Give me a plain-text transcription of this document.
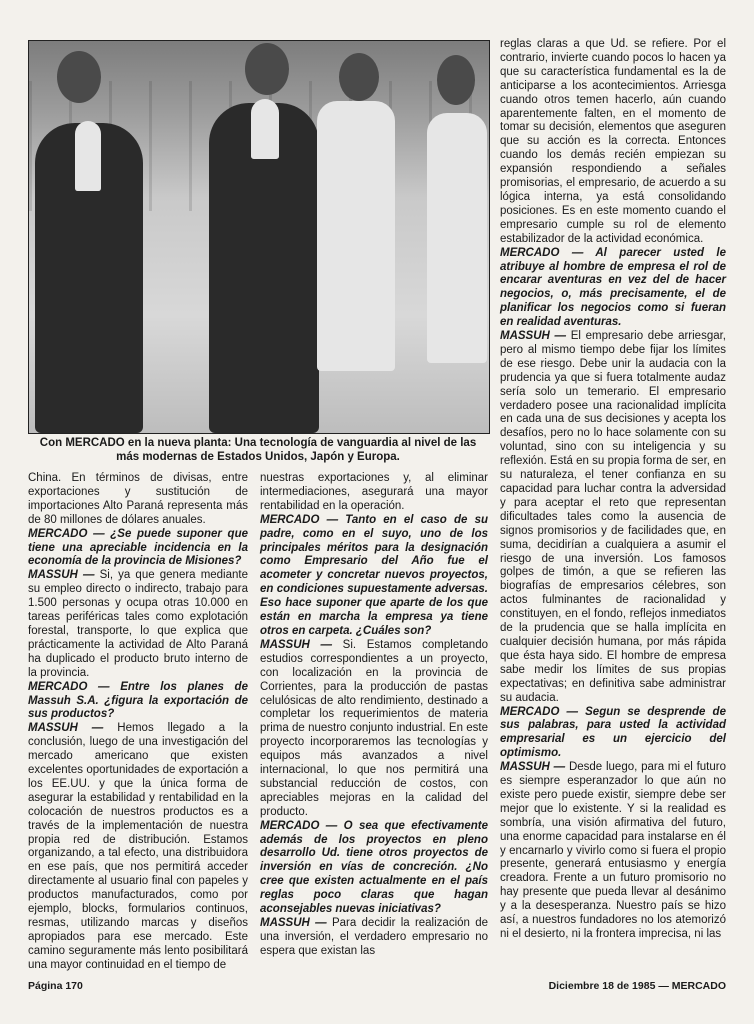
Con MERCADO en la nueva planta: Una tecnología de vanguardia al nivel de las más modernas de Estados Unidos, Japón y Europa.

China. En términos de divisas, entre exportaciones y sustitución de importaciones Alto Paraná representa más de 80 millones de dólares anuales.

MERCADO — ¿Se puede suponer que tiene una apreciable incidencia en la economía de la provincia de Misiones?

MASSUH — Si, ya que genera mediante su empleo directo o indirecto, trabajo para 1.500 personas y ocupa otras 10.000 en tareas periféricas tales como explotación forestal, transporte, lo que explica que prácticamente la actividad de Alto Paraná ha duplicado el producto bruto interno de la provincia.

MERCADO — Entre los planes de Massuh S.A. ¿figura la exportación de sus productos?

MASSUH — Hemos llegado a la conclusión, luego de una investigación del mercado americano que existen excelentes oportunidades de exportación a los EE.UU. y que la única forma de asegurar la estabilidad y rentabilidad en la colocación de nuestros productos es a través de la implementación de nuestra propia red de distribución. Estamos organizando, a tal efecto, una distribuidora en ese país, que nos permitirá acceder directamente al usuario final con papeles y productos manufacturados, como por ejemplo, blocks, formularios continuos, resmas, utilizando marcas y diseños apropiados para ese mercado. Este camino seguramente más lento posibilitará una mayor continuidad en el tiempo de

nuestras exportaciones y, al eliminar intermediaciones, asegurará una mayor rentabilidad en la operación.

MERCADO — Tanto en el caso de su padre, como en el suyo, uno de los principales méritos para la designación como Empresario del Año fue el acometer y concretar nuevos proyectos, en condiciones supuestamente adversas. Eso hace suponer que aparte de los que están en marcha la empresa ya tiene otros en carpeta. ¿Cuáles son?

MASSUH — Si. Estamos completando estudios correspondientes a un proyecto, con localización en la provincia de Corrientes, para la producción de pastas celulósicas de alto rendimiento, destinado a completar los requerimientos de materia prima de nuestro conjunto industrial. En este proyecto incorporaremos las tecnologías y equipos más avanzados a nivel internacional, lo que nos permitirá una substancial reducción de costos, con apreciables mejoras en la calidad del producto.

MERCADO — O sea que efectivamente además de los proyectos en pleno desarrollo Ud. tiene otros proyectos de inversión en vías de concreción. ¿No cree que existen actualmente en el país reglas poco claras que hagan aconsejables nuevas iniciativas?

MASSUH — Para decidir la realización de una inversión, el verdadero empresario no espera que existan las

reglas claras a que Ud. se refiere. Por el contrario, invierte cuando pocos lo hacen ya que su característica fundamental es la de anticiparse a los acontecimientos. Arriesga cuando otros temen hacerlo, aún cuando aparentemente falten, en el momento de tomar su decisión, elementos que aseguren que su acción es la correcta. Entonces cuando los demás recién empiezan su expansión respondiendo a señales promisorias, el empresario, de acuerdo a su lógica interna, ya está consolidando posiciones. Es en este momento cuando el empresario cumple su rol de elemento estabilizador de la actividad económica.

MERCADO — Al parecer usted le atribuye al hombre de empresa el rol de encarar aventuras en vez del de hacer negocios, o, más precisamente, el de planificar los negocios como si fueran en realidad aventuras.

MASSUH — El empresario debe arriesgar, pero al mismo tiempo debe fijar los límites de ese riesgo. Debe unir la audacia con la prudencia ya que si fuera totalmente audaz sería solo un temerario. El empresario verdadero posee una racionalidad implícita en cada una de sus decisiones y acepta los desafíos, pero no lo hace solamente con su voluntad, sino con su inteligencia y su reflexión. Está en su propia forma de ser, en su naturaleza, el tener confianza en su capacidad para luchar contra la adversidad y para aceptar el reto que representan dificultades tales como la ausencia de signos promisorios y de facilidades que, en suma, decidirían a cualquiera a asumir el riesgo de una inversión. Los famosos golpes de timón, a que se refieren las biografías de empresarios célebres, son actos fulminantes de racionalidad y constituyen, en el fondo, reflejos inmediatos de la prudencia que se halla implícita en cualquier decisión humana, por más rápida que ésta haya sido. El hombre de empresa sabe medir los límites de sus propias expectativas; en definitiva sabe administrar su audacia.

MERCADO — Segun se desprende de sus palabras, para usted la actividad empresarial es un ejercicio del optimismo.

MASSUH — Desde luego, para mi el futuro es siempre esperanzador lo que aún no existe pero puede existir, siempre debe ser mejor que lo existente. Y si la realidad es sombría, una visión afirmativa del futuro, una enorme capacidad para instalarse en él y encarnarlo y vivirlo como si fuera el propio presente, generará entusiasmo y energía creadora. Frente a un futuro promisorio no hay presente que pueda llevar al desánimo y a la desesperanza. Nuestro país se hizo así, a nuestros fundadores no los atemorizó ni el desierto, ni la frontera imprecisa, ni las

Página 170	Diciembre 18 de 1985 — MERCADO
